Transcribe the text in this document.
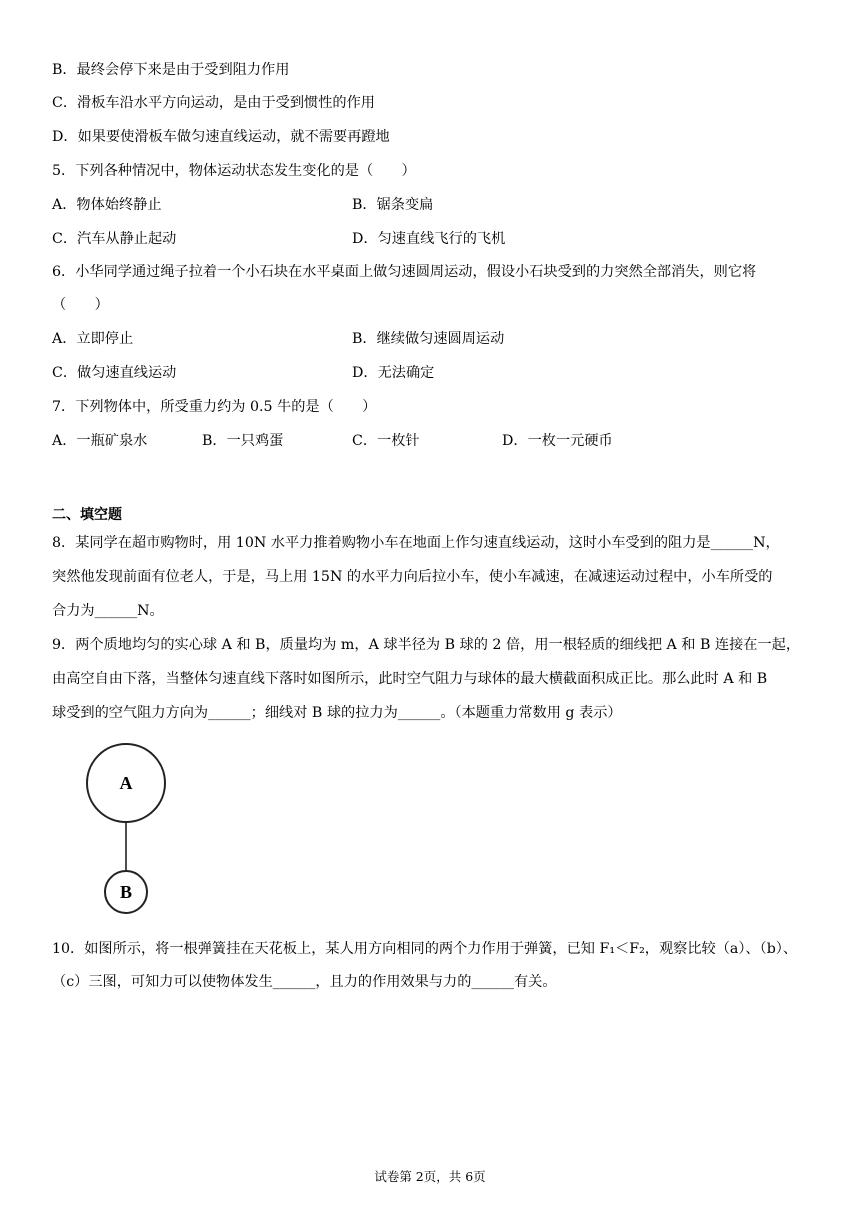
B．最终会停下来是由于受到阻力作用
C．滑板车沿水平方向运动，是由于受到惯性的作用
D．如果要使滑板车做匀速直线运动，就不需要再蹬地
5．下列各种情况中，物体运动状态发生变化的是（　　）
A．物体始终静止	B．锯条变扁
C．汽车从静止起动	D．匀速直线飞行的飞机
6．小华同学通过绳子拉着一个小石块在水平桌面上做匀速圆周运动，假设小石块受到的力突然全部消失，则它将
（　　）
A．立即停止	B．继续做匀速圆周运动
C．做匀速直线运动	D．无法确定
7．下列物体中，所受重力约为 0.5 牛的是（　　）
A．一瓶矿泉水	B．一只鸡蛋	C．一枚针	D．一枚一元硬币
二、填空题
8．某同学在超市购物时，用 10N 水平力推着购物小车在地面上作匀速直线运动，这时小车受到的阻力是______N，
突然他发现前面有位老人，于是，马上用 15N 的水平力向后拉小车，使小车减速，在减速运动过程中，小车所受的
合力为______N。
9．两个质地均匀的实心球 A 和 B，质量均为 m，A 球半径为 B 球的 2 倍，用一根轻质的细线把 A 和 B 连接在一起，
由高空自由下落，当整体匀速直线下落时如图所示，此时空气阻力与球体的最大横截面积成正比。那么此时 A 和 B
球受到的空气阻力方向为______；细线对 B 球的拉力为______。（本题重力常数用 g 表示）
A
B
10．如图所示，将一根弹簧挂在天花板上，某人用方向相同的两个力作用于弹簧，已知 F₁＜F₂，观察比较（a）、（b）、
（c）三图，可知力可以使物体发生______，且力的作用效果与力的______有关。
试卷第 2页，共 6页
